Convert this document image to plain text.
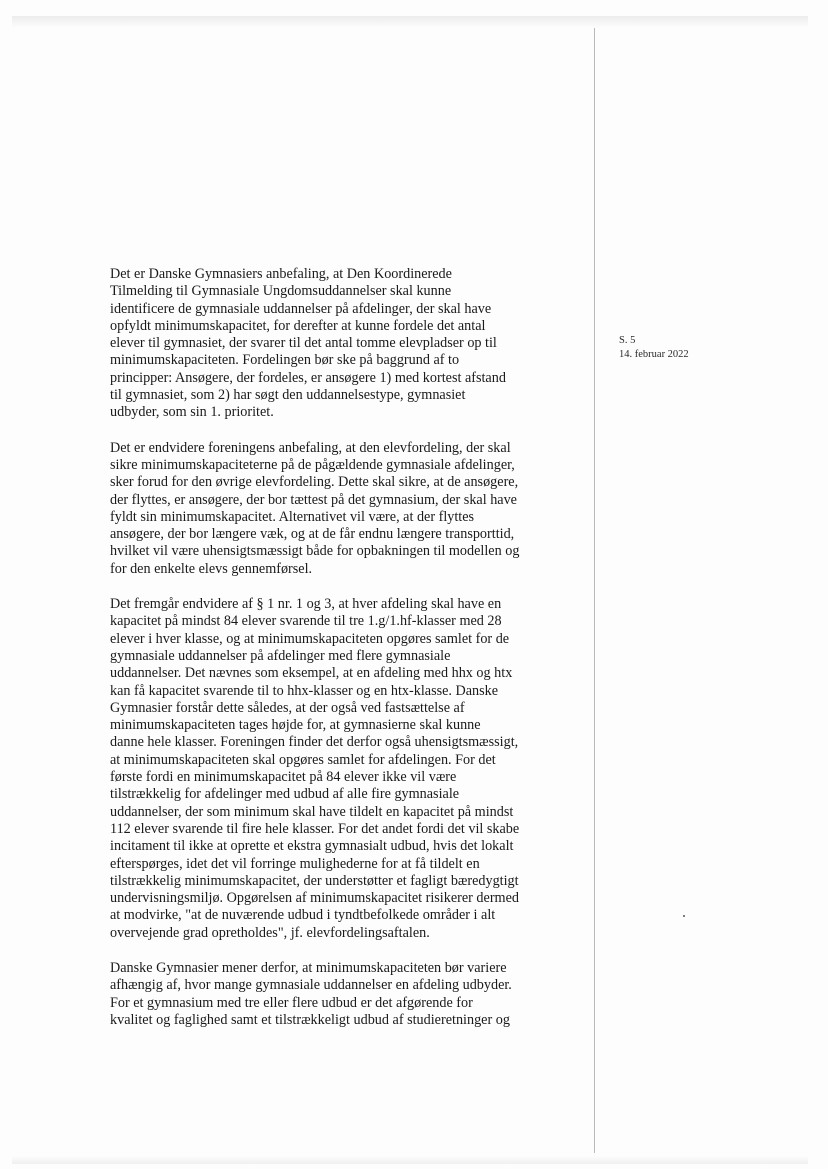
S. 5
14. februar 2022

Det er Danske Gymnasiers anbefaling, at Den Koordinerede
Tilmelding til Gymnasiale Ungdomsuddannelser skal kunne
identificere de gymnasiale uddannelser på afdelinger, der skal have
opfyldt minimumskapacitet, for derefter at kunne fordele det antal
elever til gymnasiet, der svarer til det antal tomme elevpladser op til
minimumskapaciteten. Fordelingen bør ske på baggrund af to
principper: Ansøgere, der fordeles, er ansøgere 1) med kortest afstand
til gymnasiet, som 2) har søgt den uddannelsestype, gymnasiet
udbyder, som sin 1. prioritet.

Det er endvidere foreningens anbefaling, at den elevfordeling, der skal
sikre minimumskapaciteterne på de pågældende gymnasiale afdelinger,
sker forud for den øvrige elevfordeling. Dette skal sikre, at de ansøgere,
der flyttes, er ansøgere, der bor tættest på det gymnasium, der skal have
fyldt sin minimumskapacitet. Alternativet vil være, at der flyttes
ansøgere, der bor længere væk, og at de får endnu længere transporttid,
hvilket vil være uhensigtsmæssigt både for opbakningen til modellen og
for den enkelte elevs gennemførsel.

Det fremgår endvidere af § 1 nr. 1 og 3, at hver afdeling skal have en
kapacitet på mindst 84 elever svarende til tre 1.g/1.hf-klasser med 28
elever i hver klasse, og at minimumskapaciteten opgøres samlet for de
gymnasiale uddannelser på afdelinger med flere gymnasiale
uddannelser. Det nævnes som eksempel, at en afdeling med hhx og htx
kan få kapacitet svarende til to hhx-klasser og en htx-klasse. Danske
Gymnasier forstår dette således, at der også ved fastsættelse af
minimumskapaciteten tages højde for, at gymnasierne skal kunne
danne hele klasser. Foreningen finder det derfor også uhensigtsmæssigt,
at minimumskapaciteten skal opgøres samlet for afdelingen. For det
første fordi en minimumskapacitet på 84 elever ikke vil være
tilstrækkelig for afdelinger med udbud af alle fire gymnasiale
uddannelser, der som minimum skal have tildelt en kapacitet på mindst
112 elever svarende til fire hele klasser. For det andet fordi det vil skabe
incitament til ikke at oprette et ekstra gymnasialt udbud, hvis det lokalt
efterspørges, idet det vil forringe mulighederne for at få tildelt en
tilstrækkelig minimumskapacitet, der understøtter et fagligt bæredygtigt
undervisningsmiljø. Opgørelsen af minimumskapacitet risikerer dermed
at modvirke, "at de nuværende udbud i tyndtbefolkede områder i alt
overvejende grad opretholdes", jf. elevfordelingsaftalen.

Danske Gymnasier mener derfor, at minimumskapaciteten bør variere
afhængig af, hvor mange gymnasiale uddannelser en afdeling udbyder.
For et gymnasium med tre eller flere udbud er det afgørende for
kvalitet og faglighed samt et tilstrækkeligt udbud af studieretninger og
